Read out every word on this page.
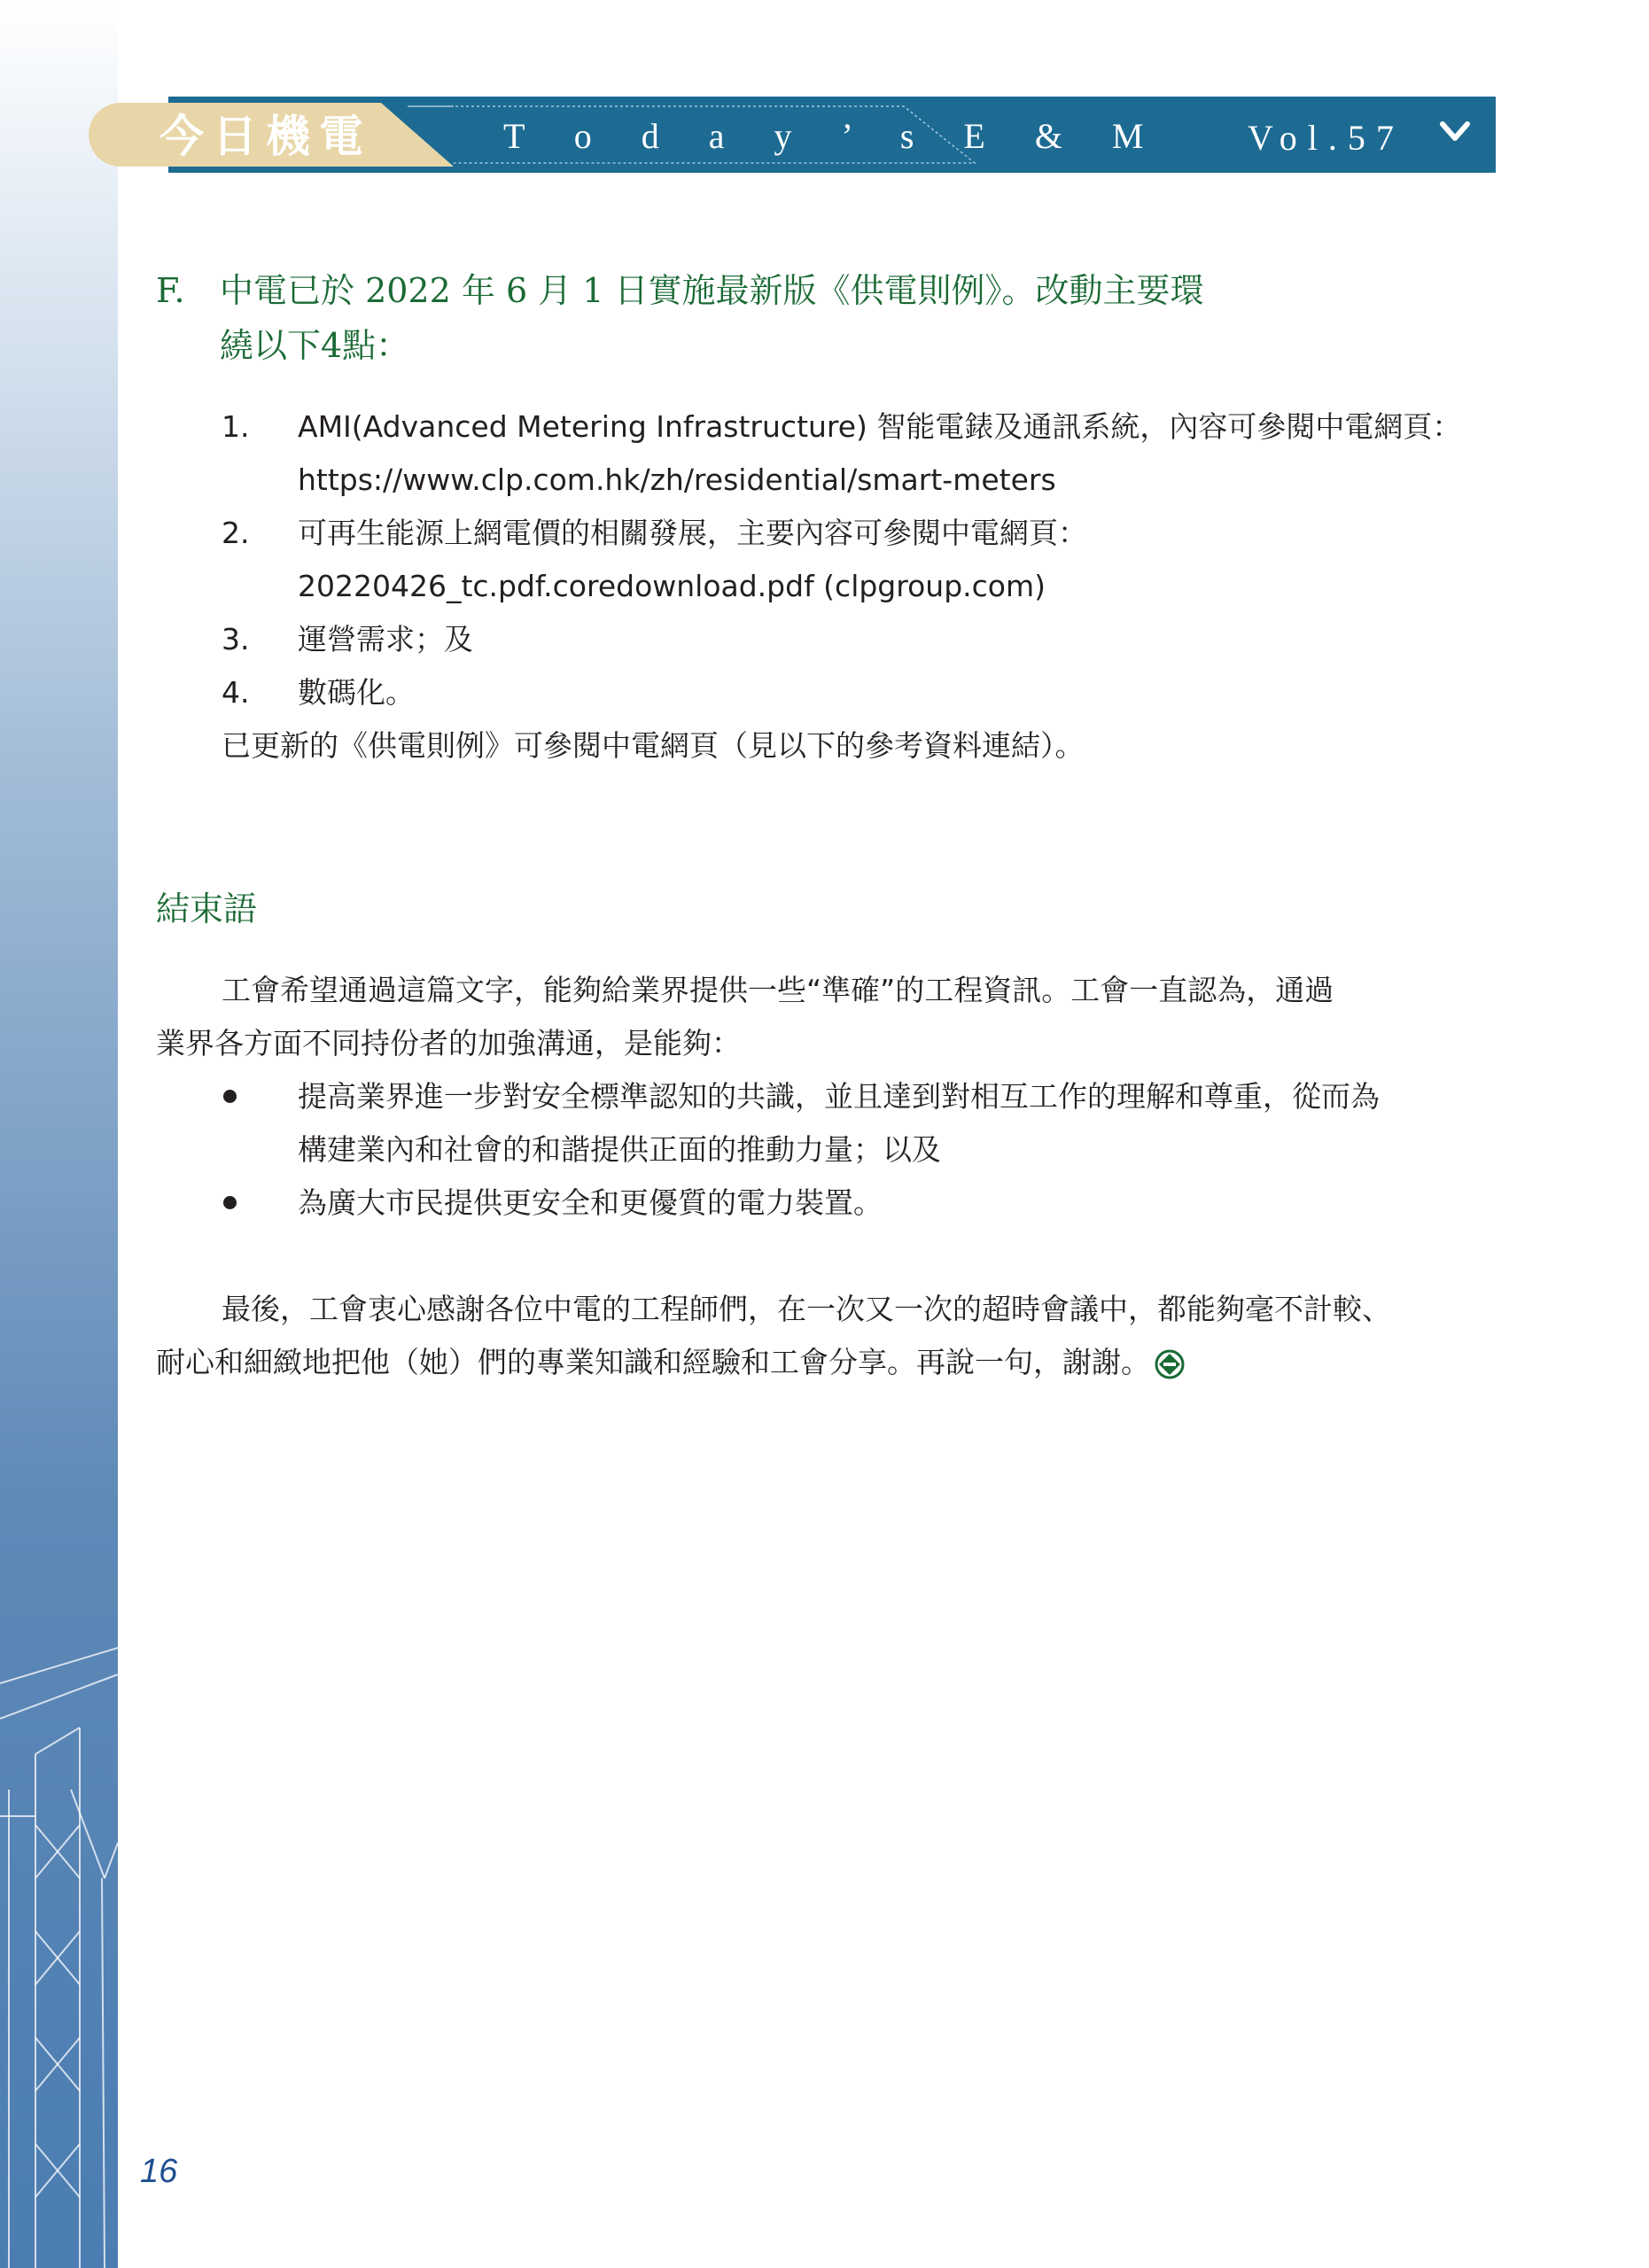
今日機電	T o d a y ’ s E & M Vol.57
F. 中電已於 2022 年 6 月 1 日實施最新版《供電則例》。改動主要環
繞以下4點：
1. AMI(Advanced Metering Infrastructure) 智能電錶及通訊系統，內容可參閱中電網頁：
https://www.clp.com.hk/zh/residential/smart-meters
2. 可再生能源上網電價的相關發展，主要內容可參閱中電網頁：
20220426_tc.pdf.coredownload.pdf (clpgroup.com)
3. 運營需求；及
4. 數碼化。
已更新的《供電則例》可參閱中電網頁（見以下的參考資料連結）。
結束語
工會希望通過這篇文字，能夠給業界提供一些“準確”的工程資訊。工會一直認為，通過
業界各方面不同持份者的加強溝通，是能夠：
提高業界進一步對安全標準認知的共識，並且達到對相互工作的理解和尊重，從而為
構建業內和社會的和諧提供正面的推動力量；以及
為廣大市民提供更安全和更優質的電力裝置。
最後，工會衷心感謝各位中電的工程師們，在一次又一次的超時會議中，都能夠毫不計較、
耐心和細緻地把他（她）們的專業知識和經驗和工會分享。再說一句，謝謝。
16
